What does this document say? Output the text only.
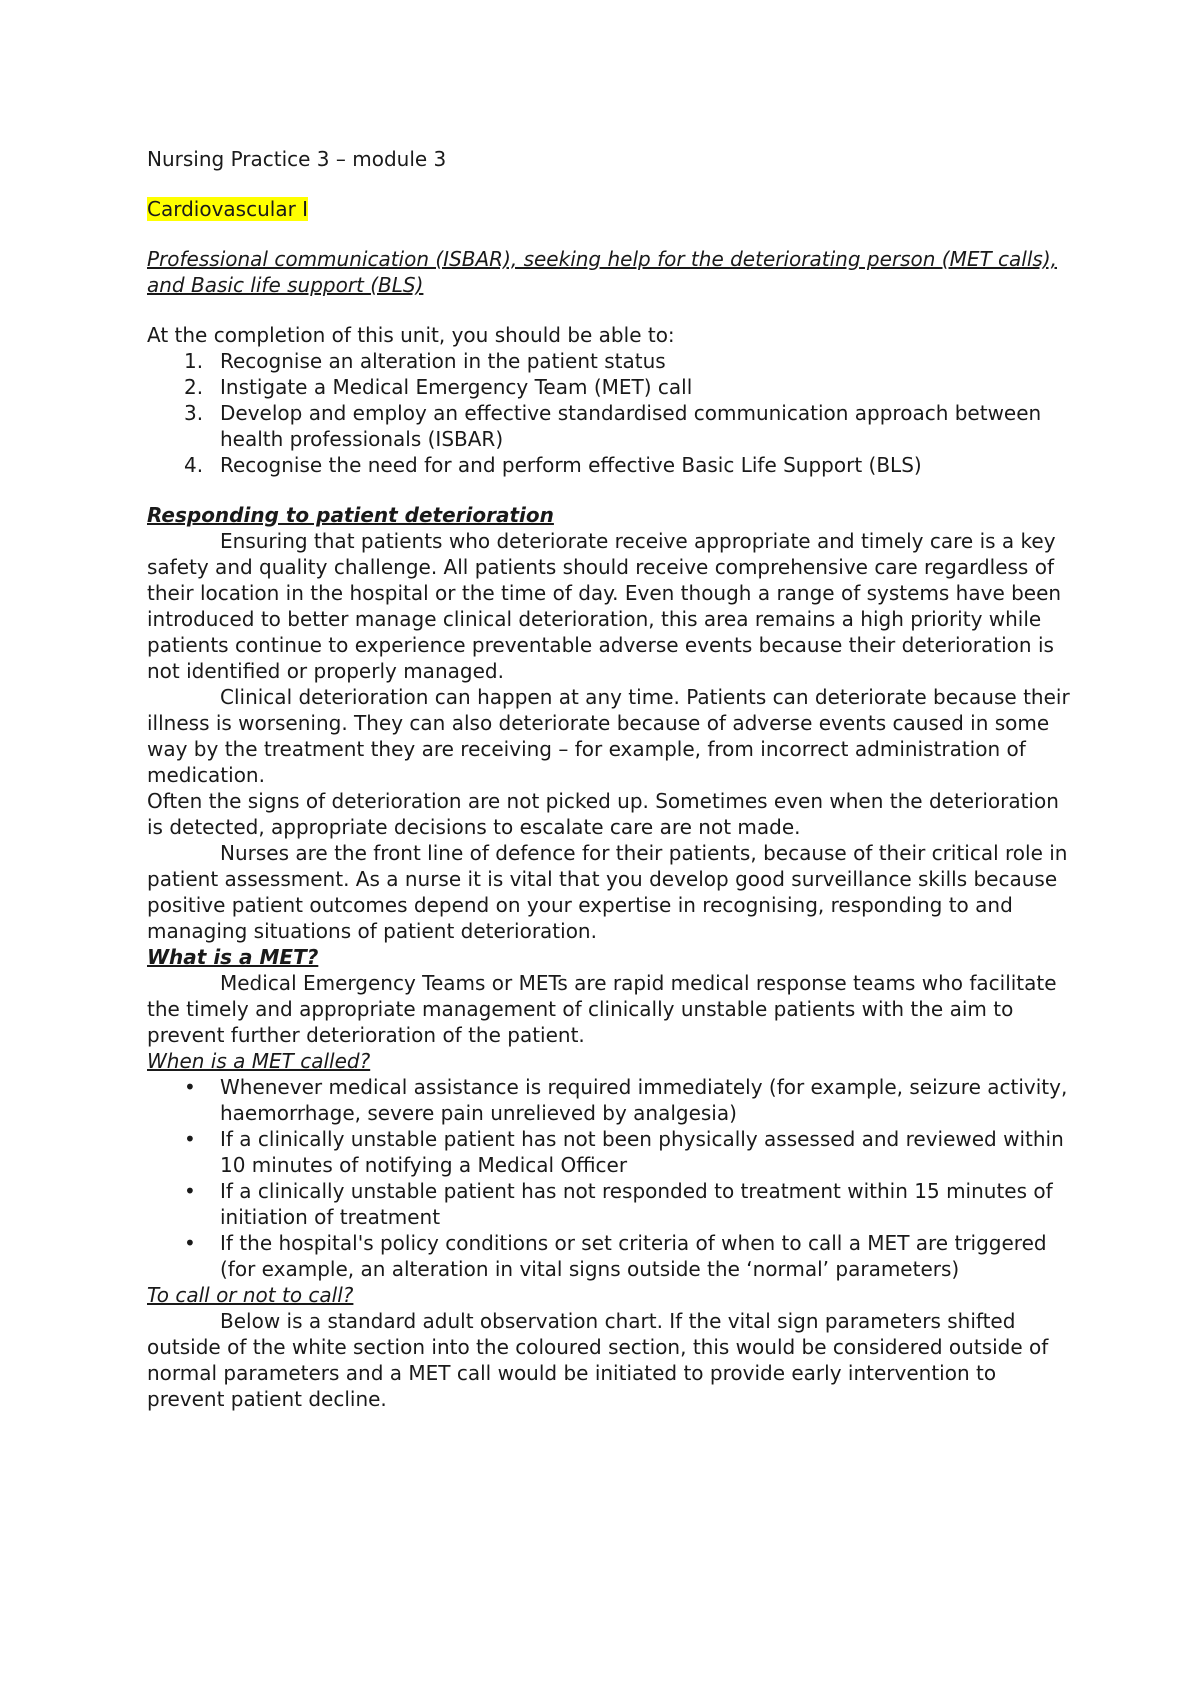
Nursing Practice 3 – module 3

Cardiovascular I

Professional communication (ISBAR), seeking help for the deteriorating person (MET calls), and Basic life support (BLS)

At the completion of this unit, you should be able to:

1. Recognise an alteration in the patient status
2. Instigate a Medical Emergency Team (MET) call
3. Develop and employ an effective standardised communication approach between health professionals (ISBAR)
4. Recognise the need for and perform effective Basic Life Support (BLS)

Responding to patient deterioration

Ensuring that patients who deteriorate receive appropriate and timely care is a key safety and quality challenge. All patients should receive comprehensive care regardless of their location in the hospital or the time of day. Even though a range of systems have been introduced to better manage clinical deterioration, this area remains a high priority while patients continue to experience preventable adverse events because their deterioration is not identified or properly managed.

Clinical deterioration can happen at any time. Patients can deteriorate because their illness is worsening. They can also deteriorate because of adverse events caused in some way by the treatment they are receiving – for example, from incorrect administration of medication.

Often the signs of deterioration are not picked up. Sometimes even when the deterioration is detected, appropriate decisions to escalate care are not made.

Nurses are the front line of defence for their patients, because of their critical role in patient assessment. As a nurse it is vital that you develop good surveillance skills because positive patient outcomes depend on your expertise in recognising, responding to and managing situations of patient deterioration.

What is a MET?

Medical Emergency Teams or METs are rapid medical response teams who facilitate the timely and appropriate management of clinically unstable patients with the aim to prevent further deterioration of the patient.

When is a MET called?

• Whenever medical assistance is required immediately (for example, seizure activity, haemorrhage, severe pain unrelieved by analgesia)
• If a clinically unstable patient has not been physically assessed and reviewed within 10 minutes of notifying a Medical Officer
• If a clinically unstable patient has not responded to treatment within 15 minutes of initiation of treatment
• If the hospital's policy conditions or set criteria of when to call a MET are triggered (for example, an alteration in vital signs outside the ‘normal’ parameters)

To call or not to call?

Below is a standard adult observation chart. If the vital sign parameters shifted outside of the white section into the coloured section, this would be considered outside of normal parameters and a MET call would be initiated to provide early intervention to prevent patient decline.
